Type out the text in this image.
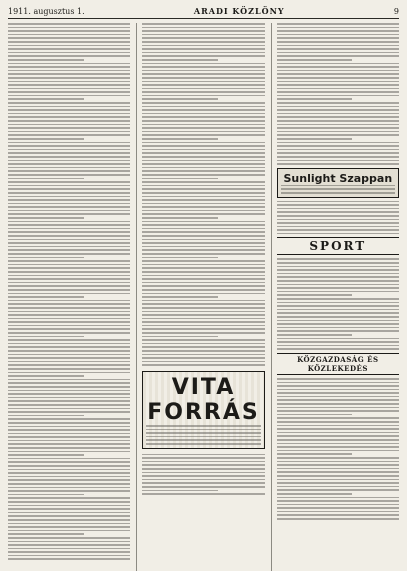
1911. augusztus 1.	ARADI KÖZLÖNY	9
VITA FORRÁS
Sunlight Szappan
SPORT
KÖZGAZDASÁG ÉS KÖZLEKEDÉS
